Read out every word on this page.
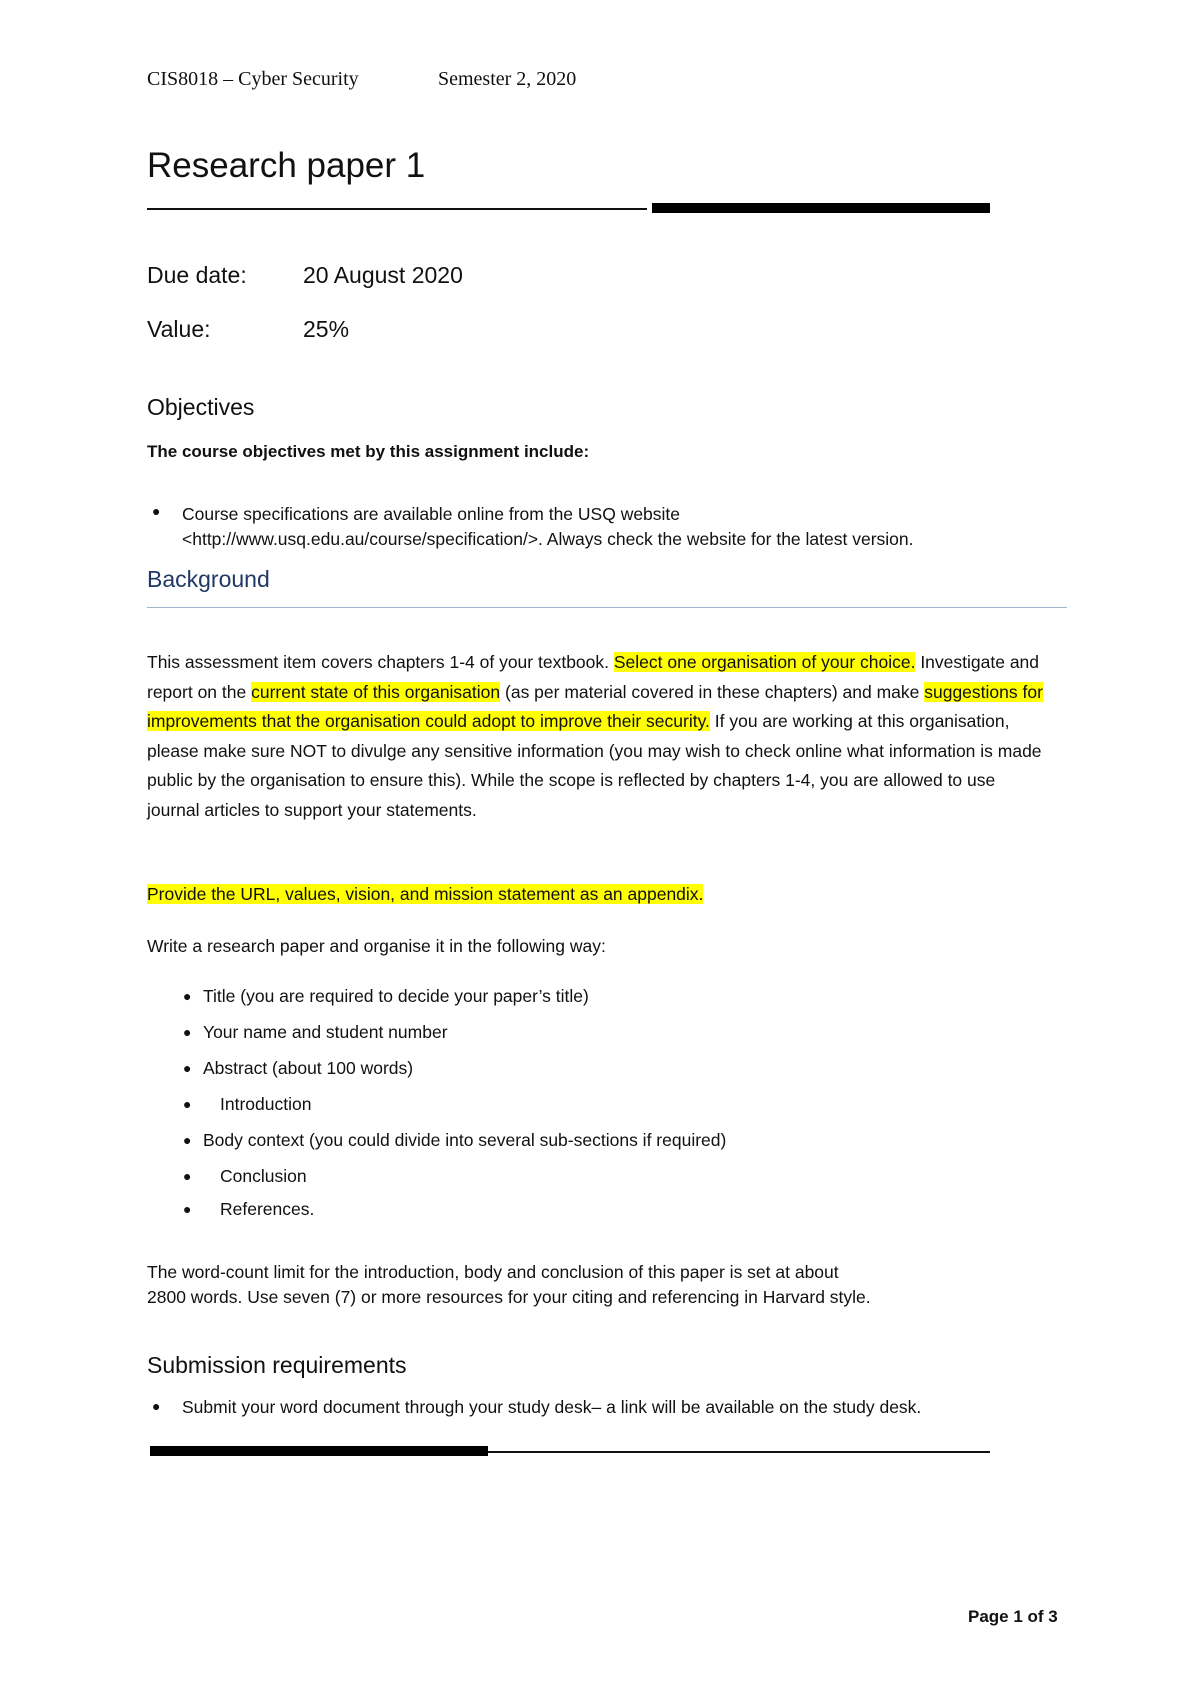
CIS8018 – Cyber Security	Semester 2, 2020
Research paper 1
Due date: 20 August 2020
Value:	25%
Objectives
The course objectives met by this assignment include:
● Course specifications are available online from the USQ website
<http://www.usq.edu.au/course/specification/>. Always check the website for the latest version.
Background
This assessment item covers chapters 1-4 of your textbook. Select one organisation of your choice. Investigate and report on the current state of this organisation (as per material covered in these chapters) and make suggestions for improvements that the organisation could adopt to improve their security. If you are working at this organisation, please make sure NOT to divulge any sensitive information (you may wish to check online what information is made public by the organisation to ensure this). While the scope is reflected by chapters 1-4, you are allowed to use journal articles to support your statements.
Provide the URL, values, vision, and mission statement as an appendix.
Write a research paper and organise it in the following way:
● Title (you are required to decide your paper’s title)
● Your name and student number
● Abstract (about 100 words)
● Introduction
● Body context (you could divide into several sub-sections if required)
● Conclusion
● References.
The word-count limit for the introduction, body and conclusion of this paper is set at about
2800 words. Use seven (7) or more resources for your citing and referencing in Harvard style.
Submission requirements
● Submit your word document through your study desk– a link will be available on the study desk.
Page 1 of 3
